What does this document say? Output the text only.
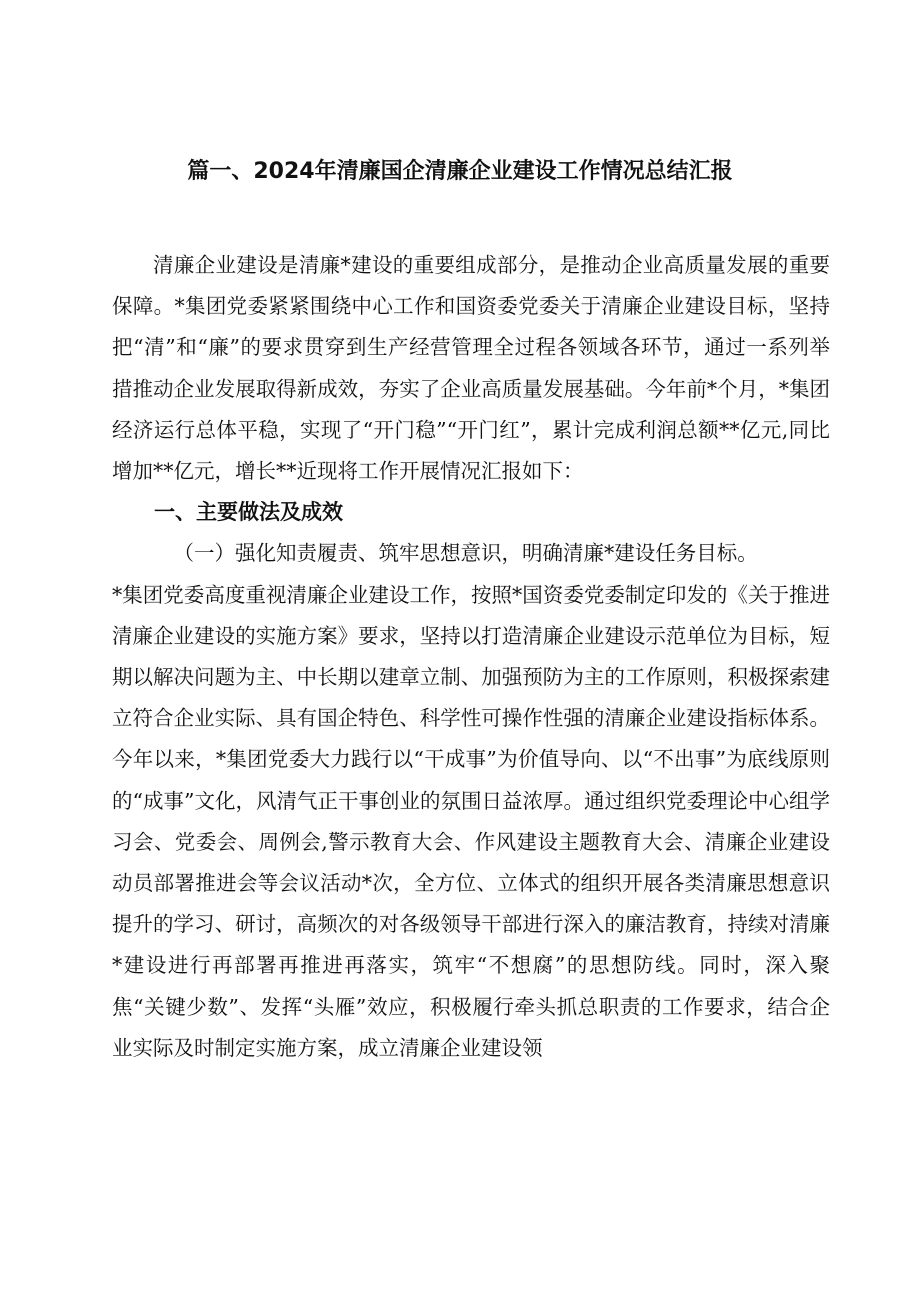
篇一、2024年清廉国企清廉企业建设工作情况总结汇报

清廉企业建设是清廉*建设的重要组成部分，是推动企业高质量发展的重要保障。*集团党委紧紧围绕中心工作和国资委党委关于清廉企业建设目标，坚持把“清”和“廉”的要求贯穿到生产经营管理全过程各领域各环节，通过一系列举措推动企业发展取得新成效，夯实了企业高质量发展基础。今年前*个月，*集团经济运行总体平稳，实现了“开门稳”“开门红”，累计完成利润总额**亿元,同比增加**亿元，增长**近现将工作开展情况汇报如下：

一、主要做法及成效

（一）强化知责履责、筑牢思想意识，明确清廉*建设任务目标。

*集团党委高度重视清廉企业建设工作，按照*国资委党委制定印发的《关于推进清廉企业建设的实施方案》要求，坚持以打造清廉企业建设示范单位为目标，短期以解决问题为主、中长期以建章立制、加强预防为主的工作原则，积极探索建立符合企业实际、具有国企特色、科学性可操作性强的清廉企业建设指标体系。今年以来，*集团党委大力践行以“干成事”为价值导向、以“不出事”为底线原则的“成事”文化，风清气正干事创业的氛围日益浓厚。通过组织党委理论中心组学习会、党委会、周例会,警示教育大会、作风建设主题教育大会、清廉企业建设动员部署推进会等会议活动*次，全方位、立体式的组织开展各类清廉思想意识提升的学习、研讨，高频次的对各级领导干部进行深入的廉洁教育，持续对清廉*建设进行再部署再推进再落实，筑牢“不想腐”的思想防线。同时，深入聚焦“关键少数”、发挥“头雁”效应，积极履行牵头抓总职责的工作要求，结合企业实际及时制定实施方案，成立清廉企业建设领
